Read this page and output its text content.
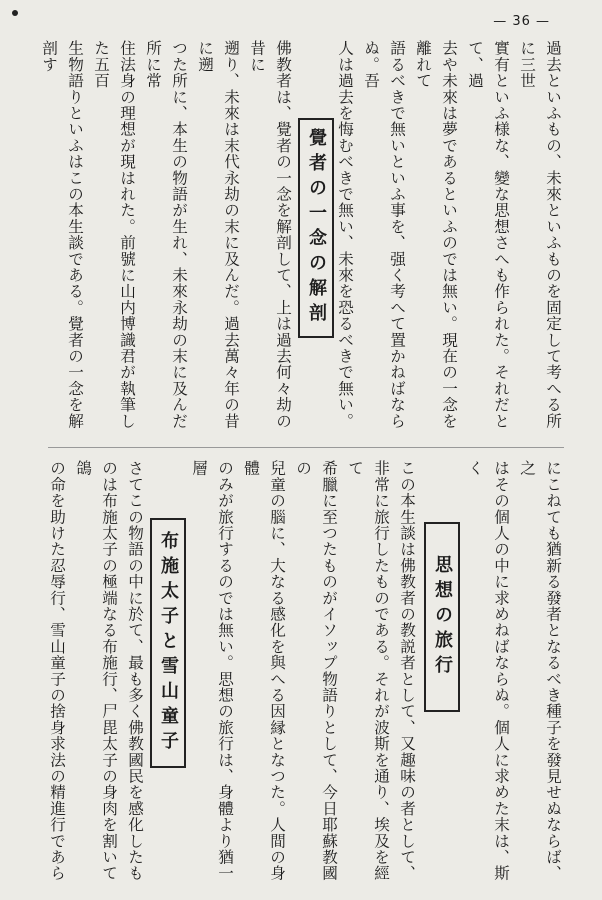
— 36 —
過去といふもの、未來といふものを固定して考へる所に三世
實有といふ様な、變な思想さへも作られた。それだとて、過
去や未來は夢であるといふのでは無い。現在の一念を離れて
語るべきで無いといふ事を、强く考へて置かねばならぬ。吾
人は過去を悔むべきで無い、未來を恐るべきで無い。
覺者の一念の解剖
佛教者は、覺者の一念を解剖して、上は過去何々劫の昔に
遡り、未來は末代永劫の末に及んだ。過去萬々年の昔に遡
つた所に、本生の物語が生れ、未來永劫の末に及んだ所に常
住法身の理想が現はれた。前號に山内博識君が執筆した五百
生物語りといふはこの本生談である。覺者の一念を解剖す
にこねても猶新る發者となるべき種子を發見せぬならば、之
はその個人の中に求めねばならぬ。個人に求めた末は、斯く
思想の旅行
この本生談は佛教者の教説者として、又趣味の者として、
非常に旅行したものである。それが波斯を通り、埃及を經て
希臘に至つたものがイソップ物語りとして、今日耶蘇教國の
兒童の腦に、大なる感化を與へる因縁となつた。人間の身體
のみが旅行するのでは無い。思想の旅行は、身體より猶一層
布施太子と雪山童子
さてこの物語の中に於て、最も多く佛教國民を感化したも
のは布施太子の極端なる布施行、尸毘太子の身肉を割いて鴿
の命を助けた忍辱行、雪山童子の捨身求法の精進行であら
